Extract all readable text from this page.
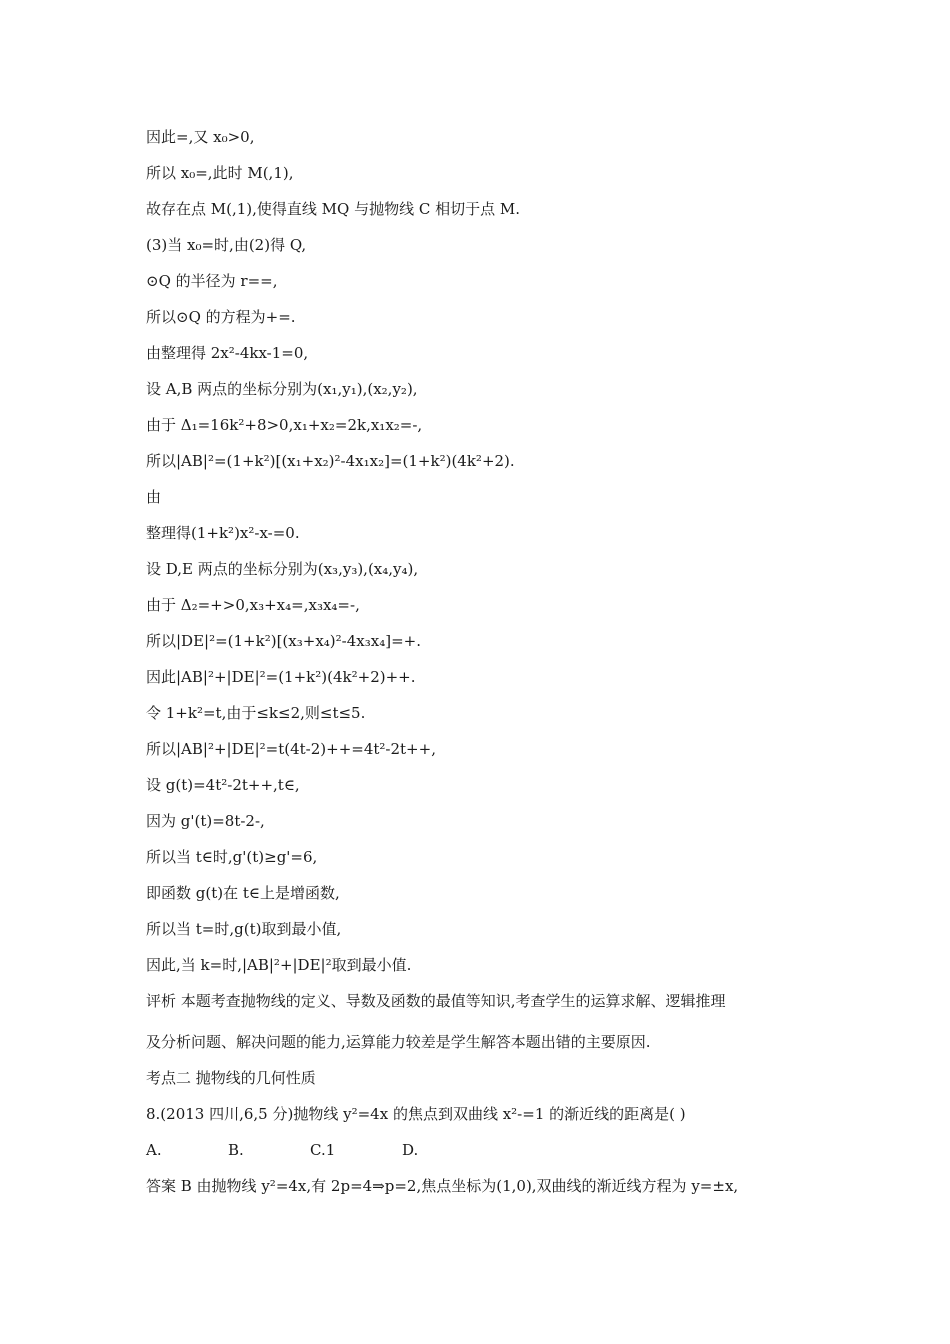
因此=,又 x₀>0,
所以 x₀=,此时 M(,1),
故存在点 M(,1),使得直线 MQ 与抛物线 C 相切于点 M.
(3)当 x₀=时,由(2)得 Q,
⊙Q 的半径为 r==,
所以⊙Q 的方程为+=.
由整理得 2x²-4kx-1=0,
设 A,B 两点的坐标分别为(x₁,y₁),(x₂,y₂),
由于 Δ₁=16k²+8>0,x₁+x₂=2k,x₁x₂=-,
所以|AB|²=(1+k²)[(x₁+x₂)²-4x₁x₂]=(1+k²)(4k²+2).
由
整理得(1+k²)x²-x-=0.
设 D,E 两点的坐标分别为(x₃,y₃),(x₄,y₄),
由于 Δ₂=+>0,x₃+x₄=,x₃x₄=-,
所以|DE|²=(1+k²)[(x₃+x₄)²-4x₃x₄]=+.
因此|AB|²+|DE|²=(1+k²)(4k²+2)++.
令 1+k²=t,由于≤k≤2,则≤t≤5.
所以|AB|²+|DE|²=t(4t-2)++=4t²-2t++,
设 g(t)=4t²-2t++,t∈,
因为 g'(t)=8t-2-,
所以当 t∈时,g'(t)≥g'=6,
即函数 g(t)在 t∈上是增函数,
所以当 t=时,g(t)取到最小值,
因此,当 k=时,|AB|²+|DE|²取到最小值.
评析 本题考查抛物线的定义、导数及函数的最值等知识,考查学生的运算求解、逻辑推理
及分析问题、解决问题的能力,运算能力较差是学生解答本题出错的主要原因.
考点二 抛物线的几何性质
8.(2013 四川,6,5 分)抛物线 y²=4x 的焦点到双曲线 x²-=1 的渐近线的距离是( )
A.	B.	C.1	D.
答案 B 由抛物线 y²=4x,有 2p=4⇒p=2,焦点坐标为(1,0),双曲线的渐近线方程为 y=±x,
